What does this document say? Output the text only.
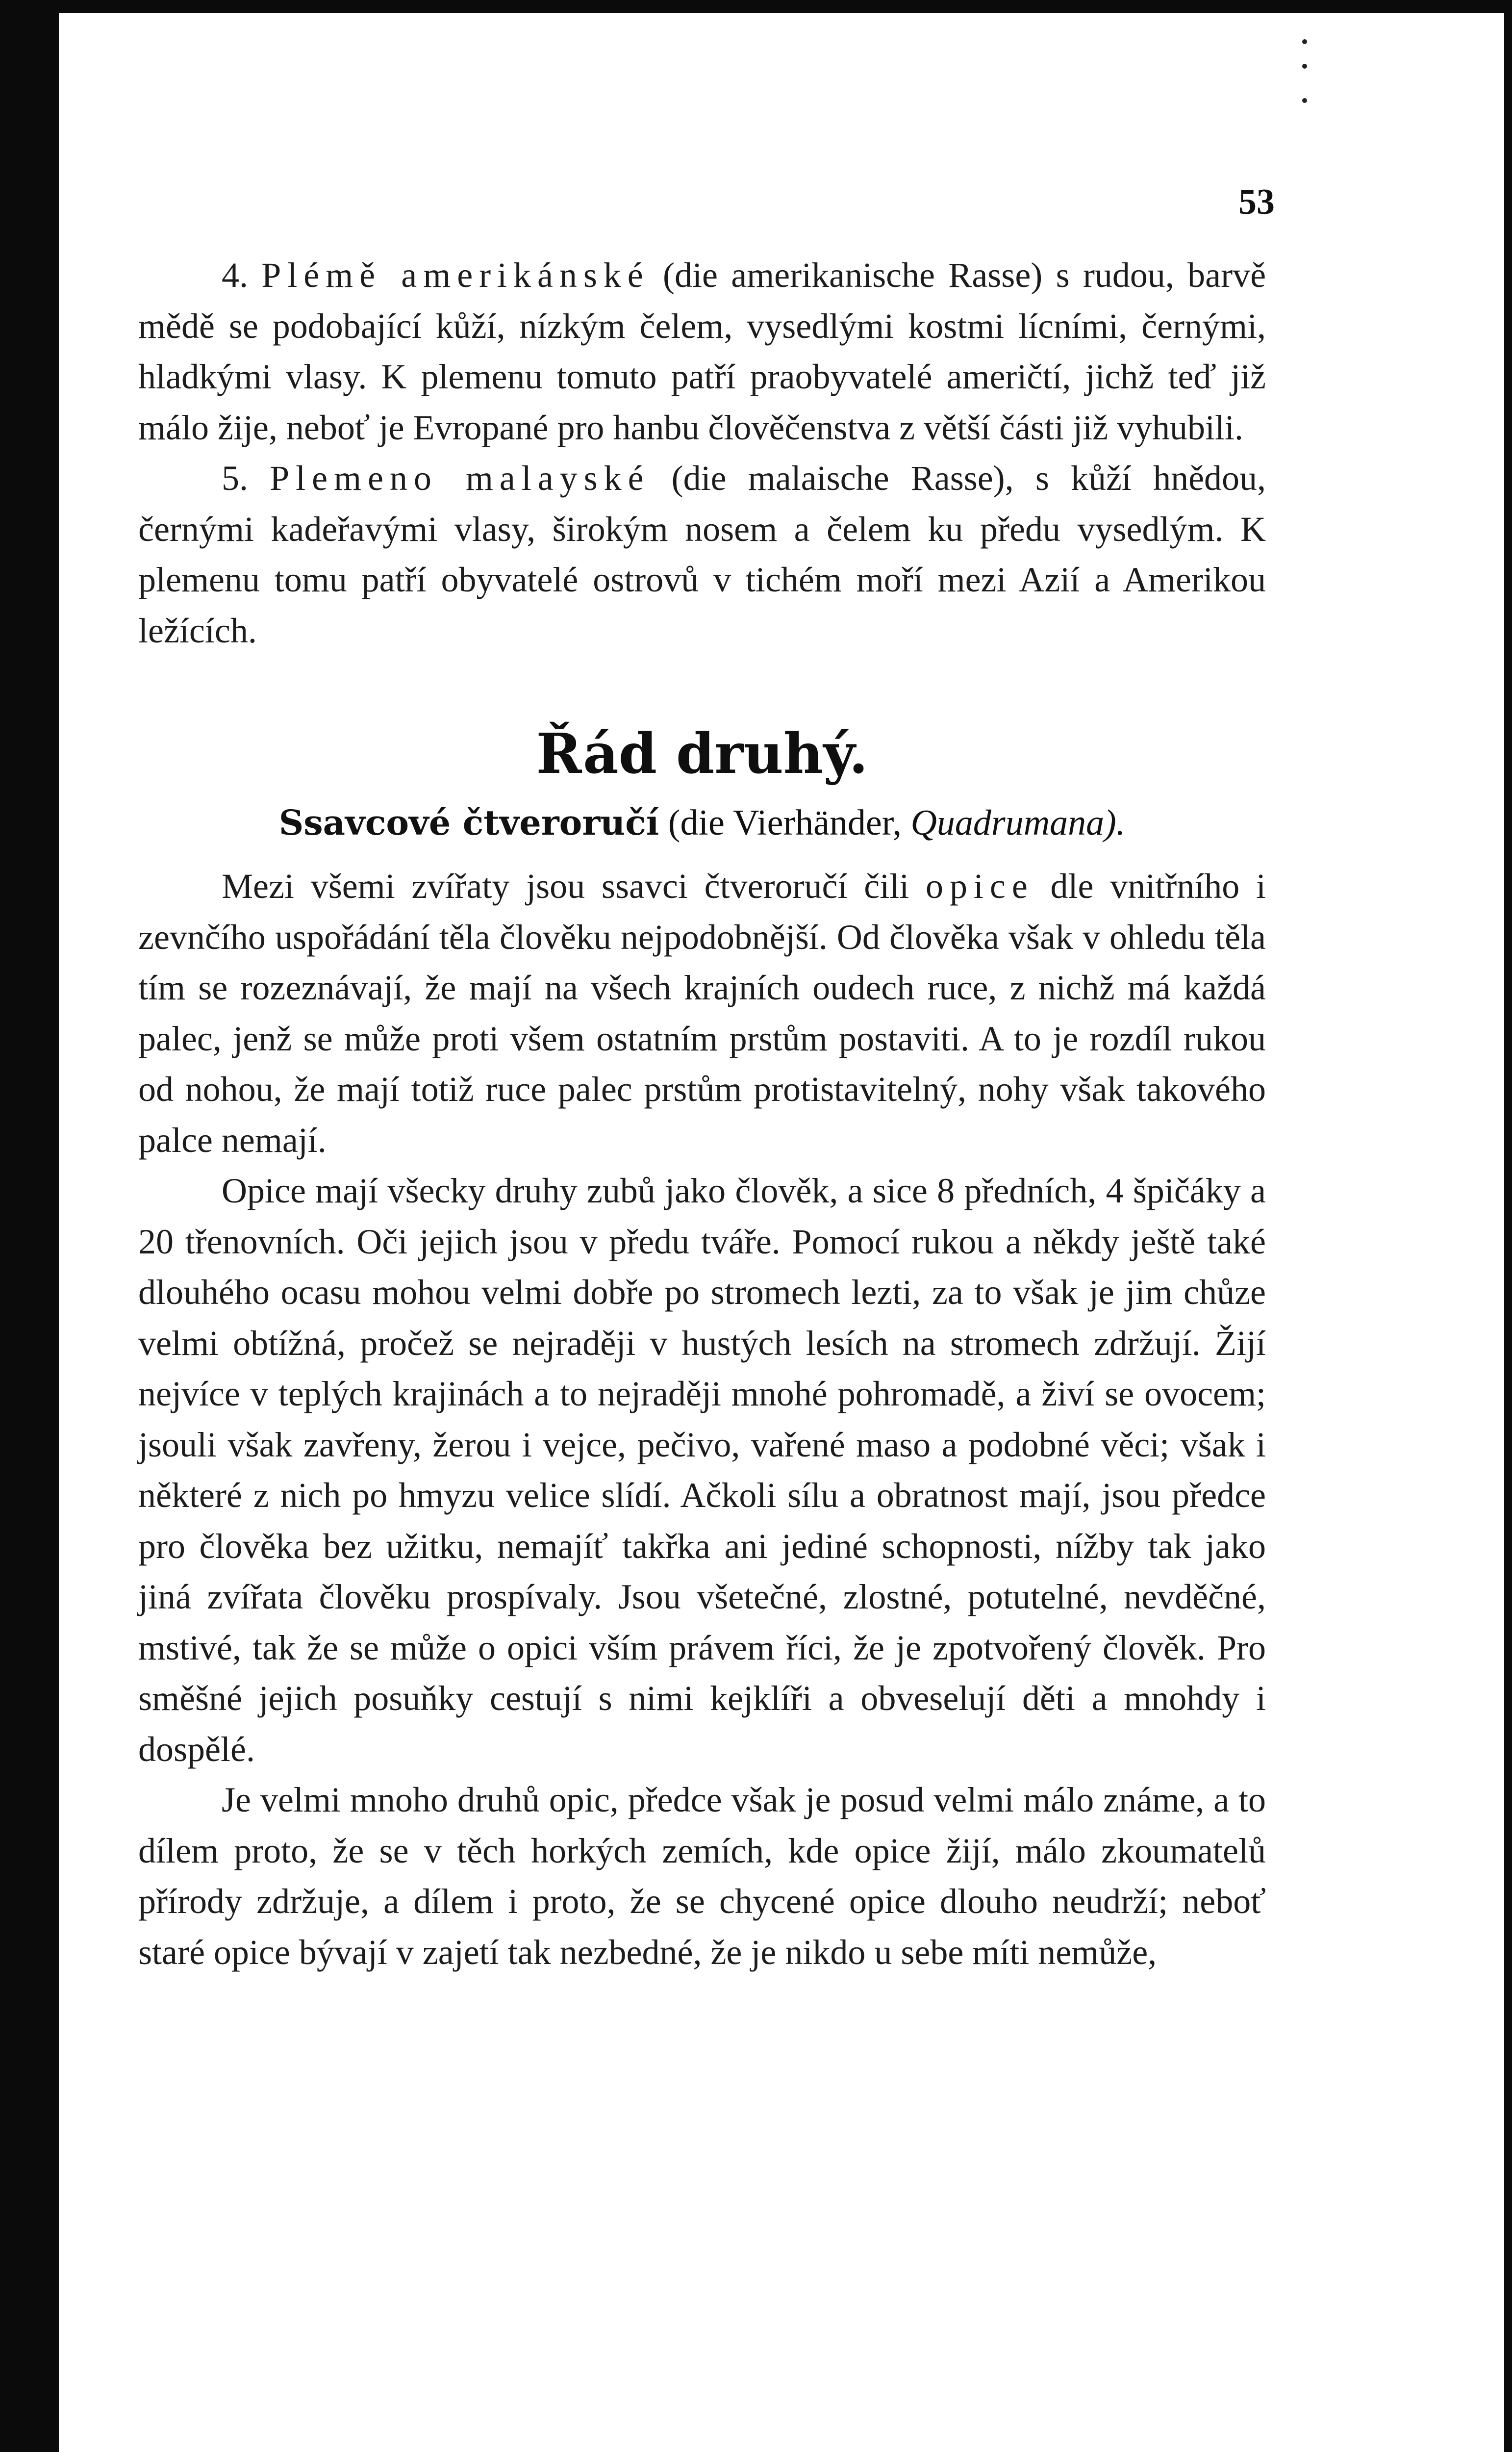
53

4. Plémě amerikánské (die amerikanische Rasse) s rudou, barvě mědě se podobající kůží, nízkým čelem, vysedlými kostmi lícními, černými, hladkými vlasy. K plemenu tomuto patří praobyvatelé američtí, jichž teď již málo žije, neboť je Evropané pro hanbu člověčenstva z větší části již vyhubili.

5. Plemeno malayské (die malaische Rasse), s kůží hnědou, černými kadeřavými vlasy, širokým nosem a čelem ku předu vysedlým. K plemenu tomu patří obyvatelé ostrovů v tichém moří mezi Azií a Amerikou ležících.

Řád druhý.
Ssavcové čtveroručí (die Vierhänder, Quadrumana).

Mezi všemi zvířaty jsou ssavci čtveroručí čili opice dle vnitřního i zevnčího uspořádání těla člověku nejpodobnější. Od člověka však v ohledu těla tím se rozeznávají, že mají na všech krajních oudech ruce, z nichž má každá palec, jenž se může proti všem ostatním prstům postaviti. A to je rozdíl rukou od nohou, že mají totiž ruce palec prstům protistavitelný, nohy však takového palce nemají.

Opice mají všecky druhy zubů jako člověk, a sice 8 předních, 4 špičáky a 20 třenovních. Oči jejich jsou v předu tváře. Pomocí rukou a někdy ještě také dlouhého ocasu mohou velmi dobře po stromech lezti, za to však je jim chůze velmi obtížná, pročež se nejraději v hustých lesích na stromech zdržují. Žijí nejvíce v teplých krajinách a to nejraději mnohé pohromadě, a živí se ovocem; jsouli však zavřeny, žerou i vejce, pečivo, vařené maso a podobné věci; však i některé z nich po hmyzu velice slídí. Ačkoli sílu a obratnost mají, jsou předce pro člověka bez užitku, nemajíť takřka ani jediné schopnosti, nížby tak jako jiná zvířata člověku prospívaly. Jsou všetečné, zlostné, potutelné, nevděčné, mstivé, tak že se může o opici vším právem říci, že je zpotvořený člověk. Pro směšné jejich posuňky cestují s nimi kejklíři a obveselují děti a mnohdy i dospělé.

Je velmi mnoho druhů opic, předce však je posud velmi málo známe, a to dílem proto, že se v těch horkých zemích, kde opice žijí, málo zkoumatelů přírody zdržuje, a dílem i proto, že se chycené opice dlouho neudrží; neboť staré opice bývají v zajetí tak nezbedné, že je nikdo u sebe míti nemůže,
